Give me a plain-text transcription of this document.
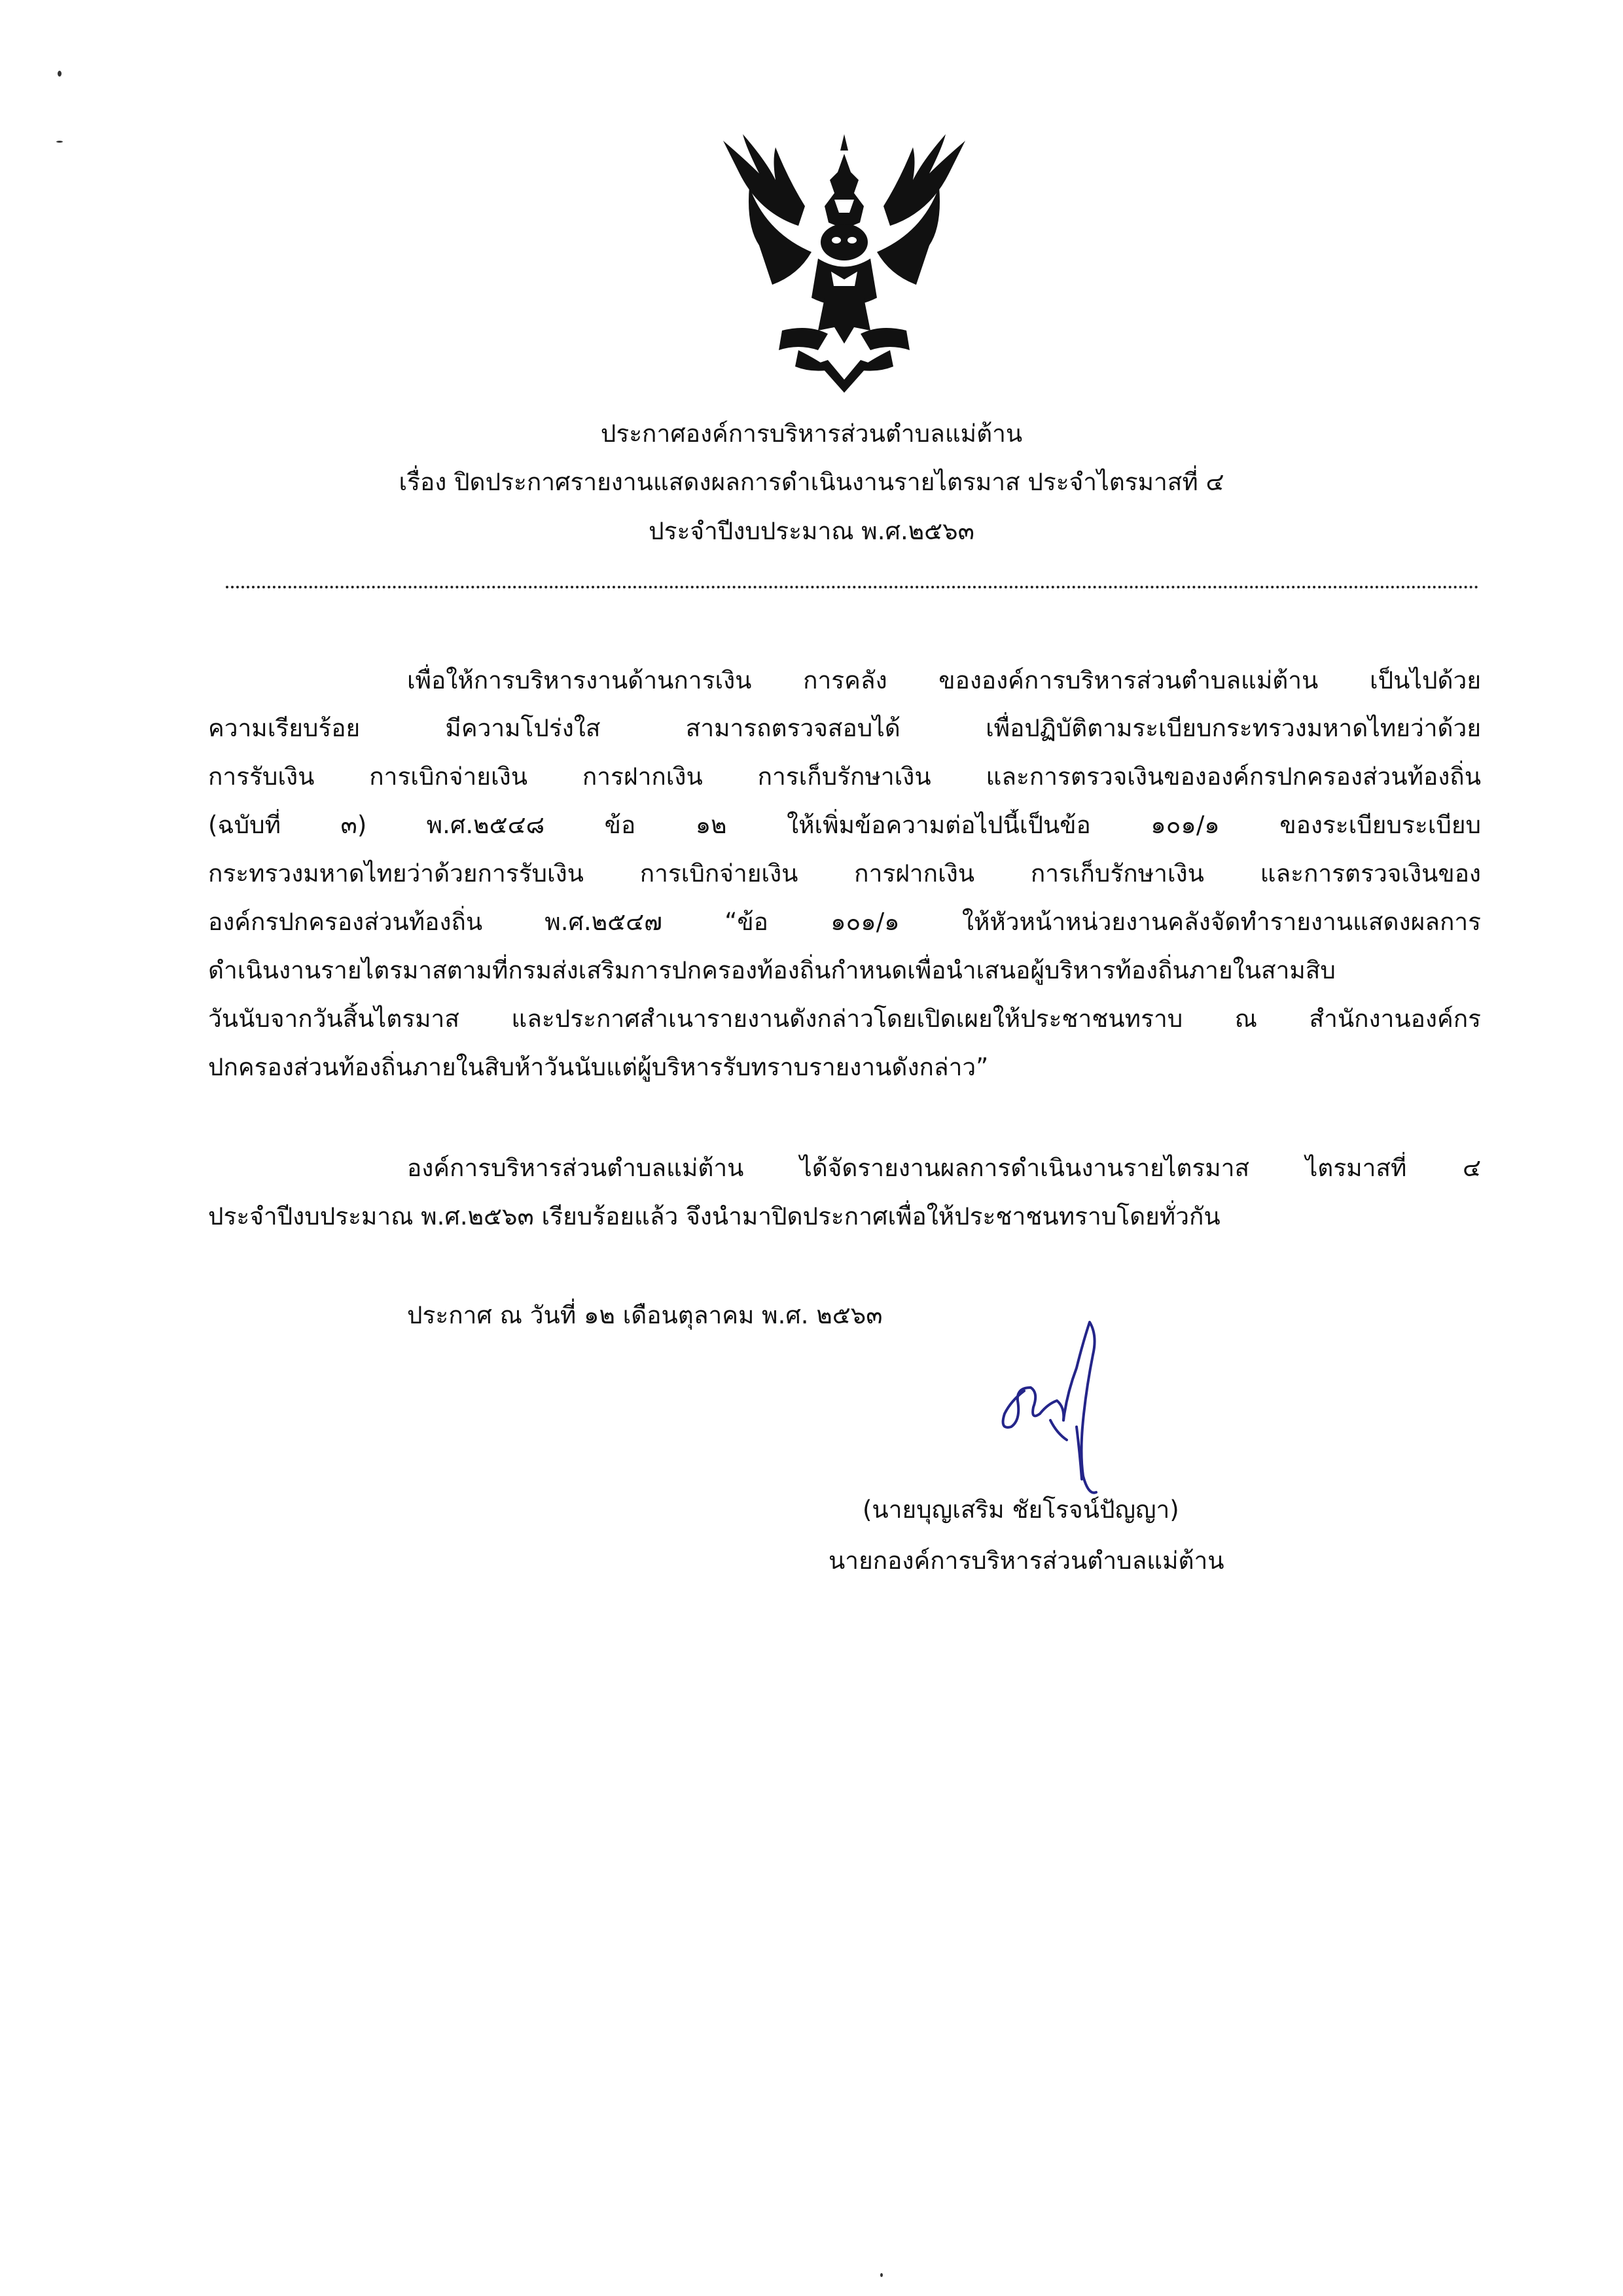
ประกาศองค์การบริหารส่วนตำบลแม่ต้าน
เรื่อง ปิดประกาศรายงานแสดงผลการดำเนินงานรายไตรมาส ประจำไตรมาสที่ ๔
ประจำปีงบประมาณ พ.ศ.๒๕๖๓
เพื่อให้การบริหารงานด้านการเงิน การคลัง ขององค์การบริหารส่วนตำบลแม่ต้าน เป็นไปด้วย
ความเรียบร้อย มีความโปร่งใส สามารถตรวจสอบได้ เพื่อปฏิบัติตามระเบียบกระทรวงมหาดไทยว่าด้วย
การรับเงิน การเบิกจ่ายเงิน การฝากเงิน การเก็บรักษาเงิน และการตรวจเงินขององค์กรปกครองส่วนท้องถิ่น
(ฉบับที่ ๓) พ.ศ.๒๕๔๘ ข้อ ๑๒ ให้เพิ่มข้อความต่อไปนี้เป็นข้อ ๑๐๑/๑ ของระเบียบระเบียบ
กระทรวงมหาดไทยว่าด้วยการรับเงิน การเบิกจ่ายเงิน การฝากเงิน การเก็บรักษาเงิน และการตรวจเงินของ
องค์กรปกครองส่วนท้องถิ่น พ.ศ.๒๕๔๗ “ข้อ ๑๐๑/๑ ให้หัวหน้าหน่วยงานคลังจัดทำรายงานแสดงผลการ
ดำเนินงานรายไตรมาสตามที่กรมส่งเสริมการปกครองท้องถิ่นกำหนดเพื่อนำเสนอผู้บริหารท้องถิ่นภายในสามสิบ
วันนับจากวันสิ้นไตรมาส และประกาศสำเนารายงานดังกล่าวโดยเปิดเผยให้ประชาชนทราบ ณ สำนักงานองค์กร
ปกครองส่วนท้องถิ่นภายในสิบห้าวันนับแต่ผู้บริหารรับทราบรายงานดังกล่าว”
องค์การบริหารส่วนตำบลแม่ต้าน ได้จัดรายงานผลการดำเนินงานรายไตรมาส ไตรมาสที่ ๔
ประจำปีงบประมาณ พ.ศ.๒๕๖๓ เรียบร้อยแล้ว จึงนำมาปิดประกาศเพื่อให้ประชาชนทราบโดยทั่วกัน
ประกาศ ณ วันที่ ๑๒ เดือนตุลาคม พ.ศ. ๒๕๖๓
(นายบุญเสริม ชัยโรจน์ปัญญา)
นายกองค์การบริหารส่วนตำบลแม่ต้าน
